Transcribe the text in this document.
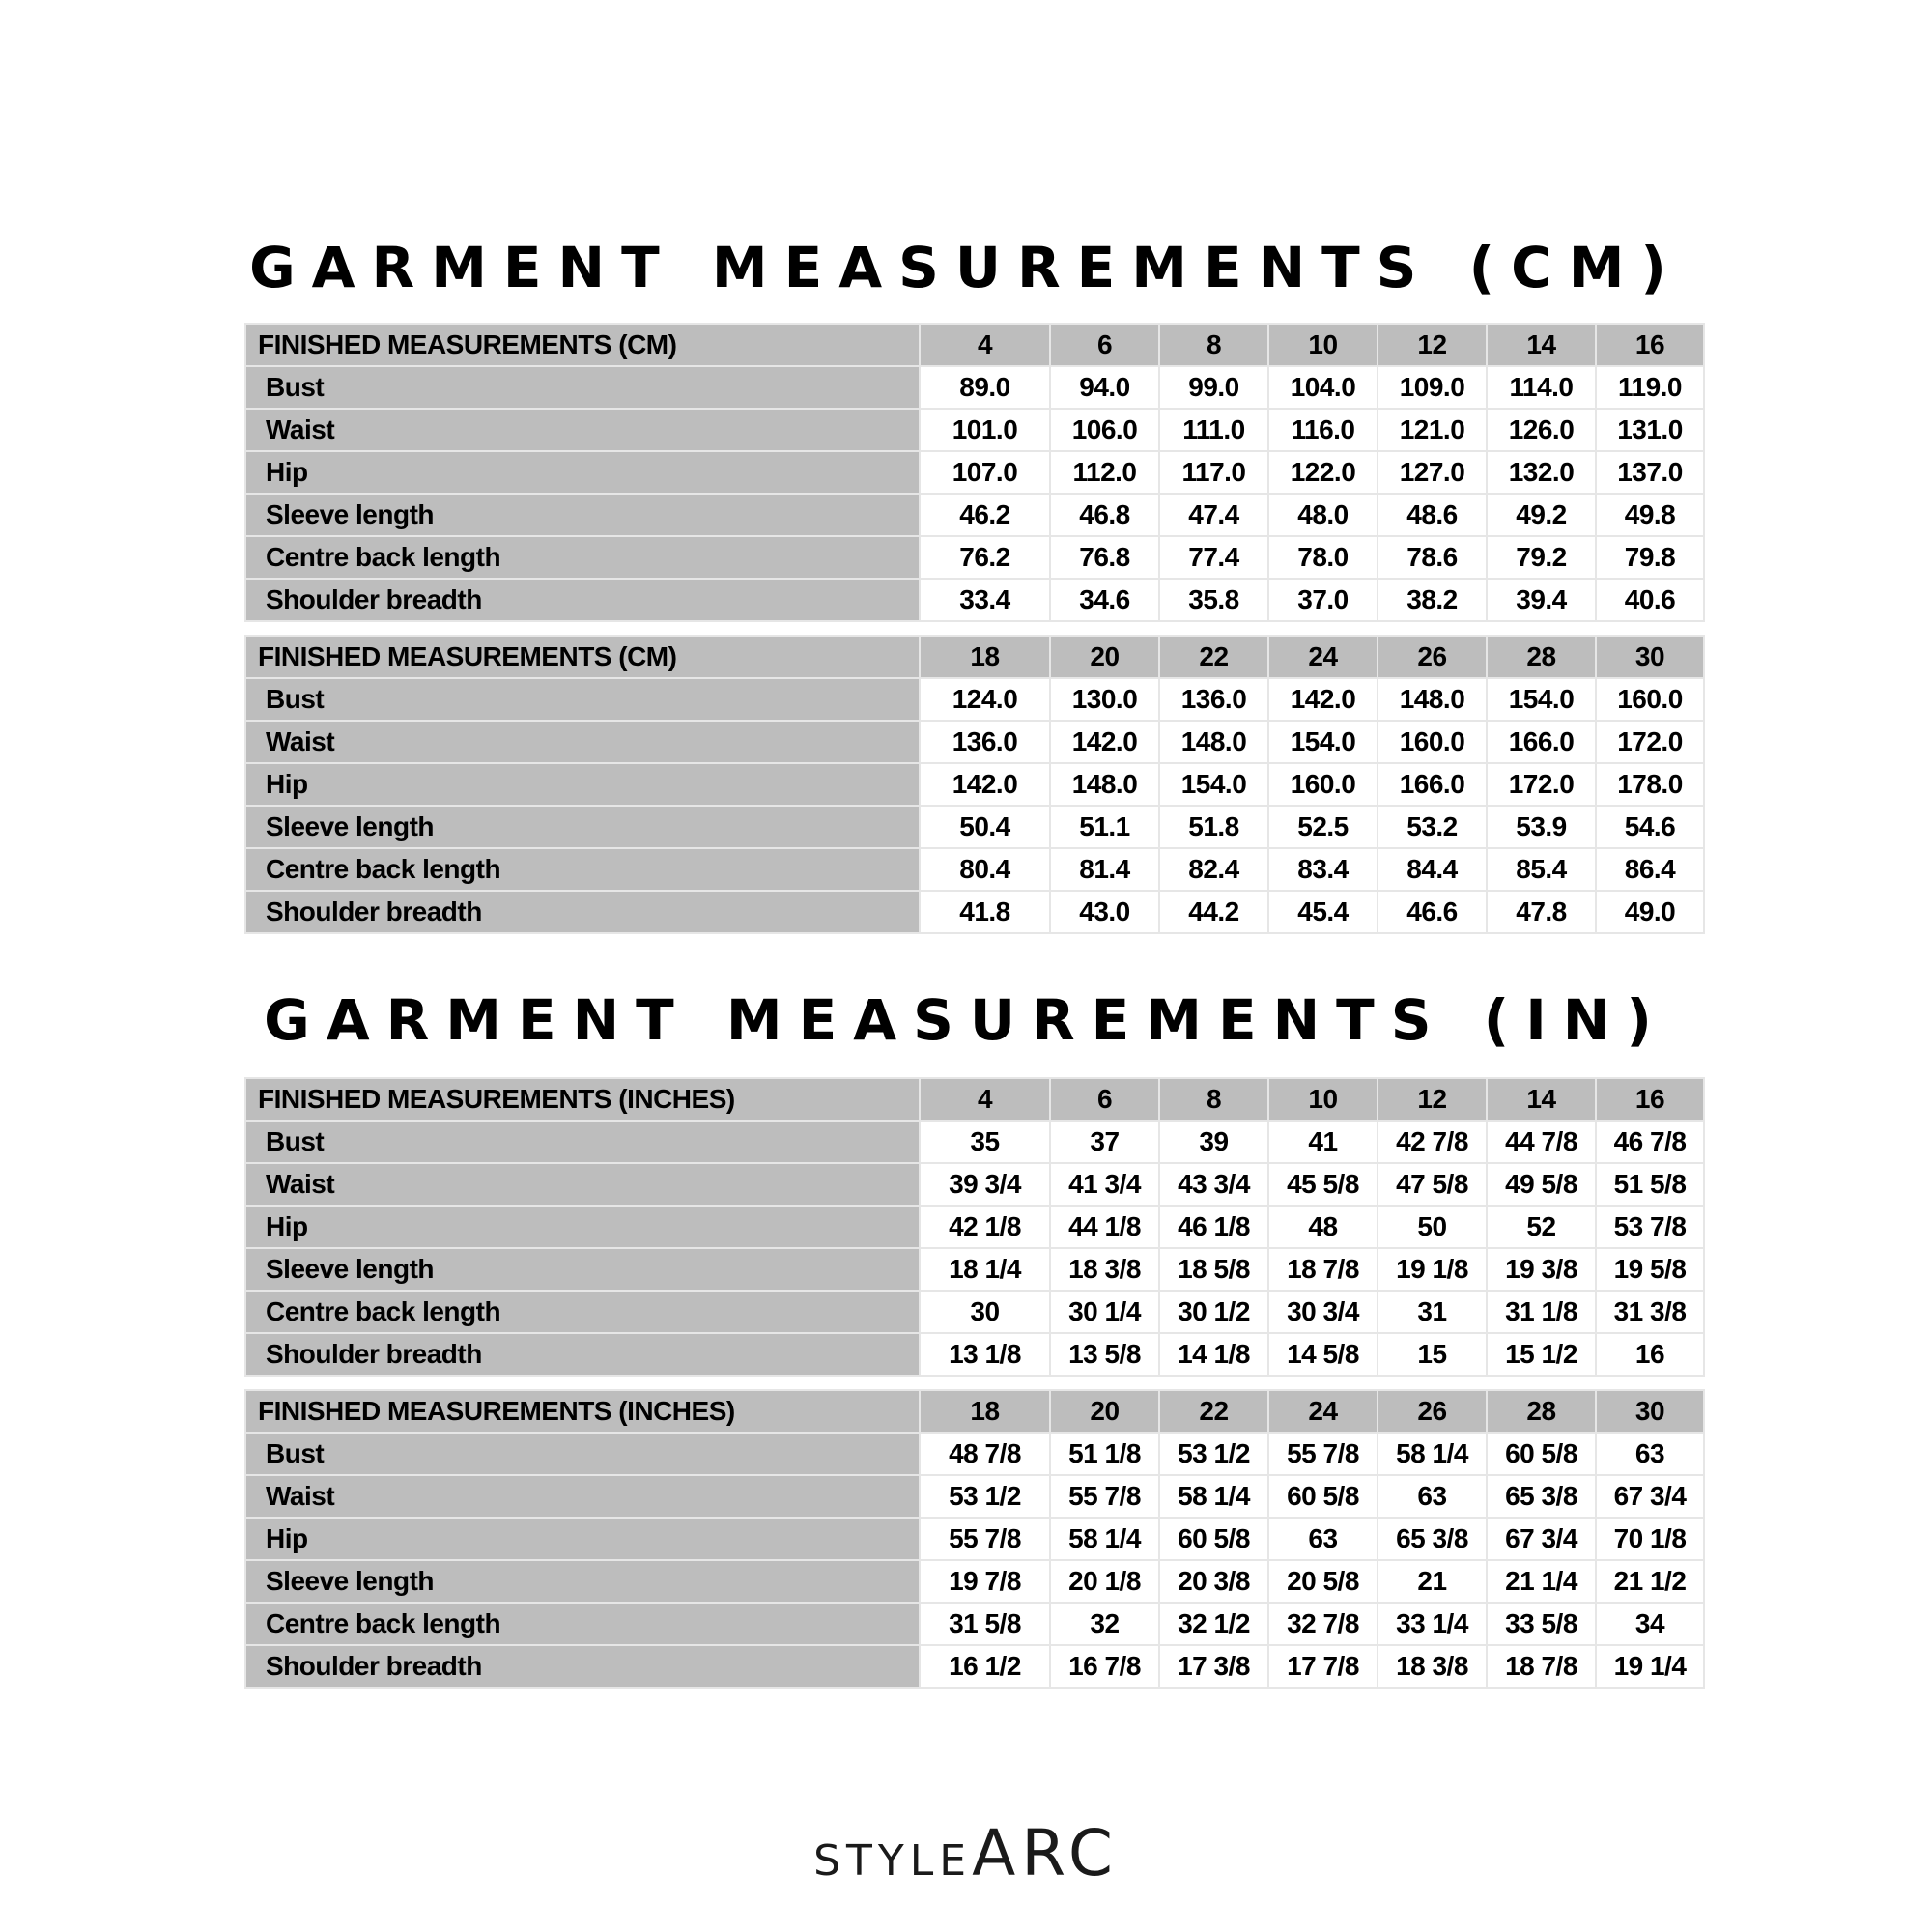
GARMENT MEASUREMENTS (CM)
FINISHED MEASUREMENTS (CM)	4	6	8	10	12	14	16
Bust	89.0	94.0	99.0	104.0	109.0	114.0	119.0
Waist	101.0	106.0	111.0	116.0	121.0	126.0	131.0
Hip	107.0	112.0	117.0	122.0	127.0	132.0	137.0
Sleeve length	46.2	46.8	47.4	48.0	48.6	49.2	49.8
Centre back length	76.2	76.8	77.4	78.0	78.6	79.2	79.8
Shoulder breadth	33.4	34.6	35.8	37.0	38.2	39.4	40.6
FINISHED MEASUREMENTS (CM)	18	20	22	24	26	28	30
Bust	124.0	130.0	136.0	142.0	148.0	154.0	160.0
Waist	136.0	142.0	148.0	154.0	160.0	166.0	172.0
Hip	142.0	148.0	154.0	160.0	166.0	172.0	178.0
Sleeve length	50.4	51.1	51.8	52.5	53.2	53.9	54.6
Centre back length	80.4	81.4	82.4	83.4	84.4	85.4	86.4
Shoulder breadth	41.8	43.0	44.2	45.4	46.6	47.8	49.0
GARMENT MEASUREMENTS (IN)
FINISHED MEASUREMENTS (INCHES)	4	6	8	10	12	14	16
Bust	35	37	39	41	42 7/8	44 7/8	46 7/8
Waist	39 3/4	41 3/4	43 3/4	45 5/8	47 5/8	49 5/8	51 5/8
Hip	42 1/8	44 1/8	46 1/8	48	50	52	53 7/8
Sleeve length	18 1/4	18 3/8	18 5/8	18 7/8	19 1/8	19 3/8	19 5/8
Centre back length	30	30 1/4	30 1/2	30 3/4	31	31 1/8	31 3/8
Shoulder breadth	13 1/8	13 5/8	14 1/8	14 5/8	15	15 1/2	16
FINISHED MEASUREMENTS (INCHES)	18	20	22	24	26	28	30
Bust	48 7/8	51 1/8	53 1/2	55 7/8	58 1/4	60 5/8	63
Waist	53 1/2	55 7/8	58 1/4	60 5/8	63	65 3/8	67 3/4
Hip	55 7/8	58 1/4	60 5/8	63	65 3/8	67 3/4	70 1/8
Sleeve length	19 7/8	20 1/8	20 3/8	20 5/8	21	21 1/4	21 1/2
Centre back length	31 5/8	32	32 1/2	32 7/8	33 1/4	33 5/8	34
Shoulder breadth	16 1/2	16 7/8	17 3/8	17 7/8	18 3/8	18 7/8	19 1/4
STYLEARC
